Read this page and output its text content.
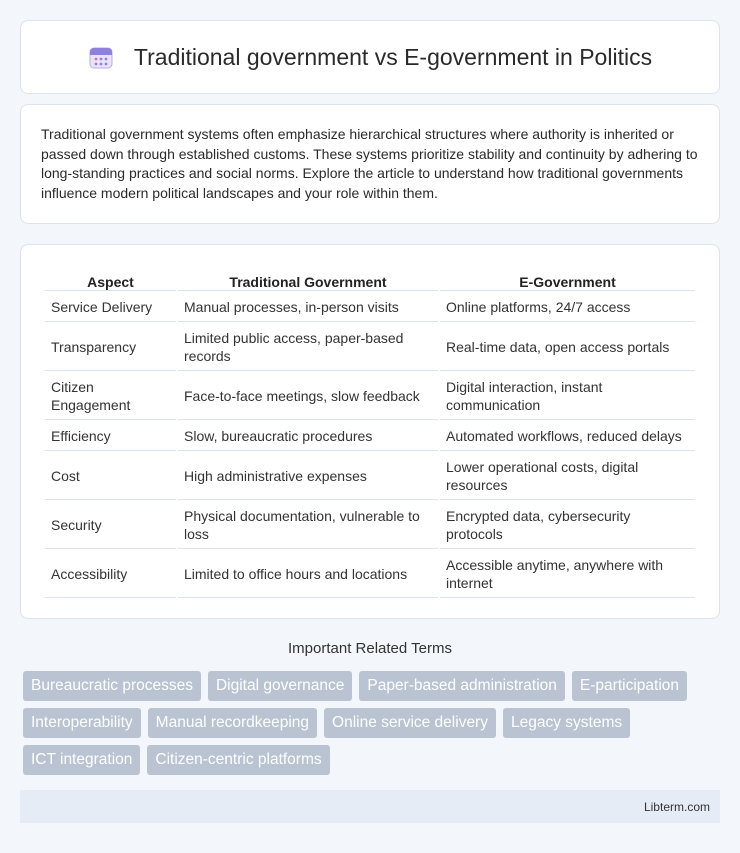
Traditional government vs E-government in Politics

Traditional government systems often emphasize hierarchical structures where authority is inherited or passed down through established customs. These systems prioritize stability and continuity by adhering to long-standing practices and social norms. Explore the article to understand how traditional governments influence modern political landscapes and your role within them.

Aspect	Traditional Government	E-Government
Service Delivery	Manual processes, in-person visits	Online platforms, 24/7 access
Transparency	Limited public access, paper-based records	Real-time data, open access portals
Citizen Engagement	Face-to-face meetings, slow feedback	Digital interaction, instant communication
Efficiency	Slow, bureaucratic procedures	Automated workflows, reduced delays
Cost	High administrative expenses	Lower operational costs, digital resources
Security	Physical documentation, vulnerable to loss	Encrypted data, cybersecurity protocols
Accessibility	Limited to office hours and locations	Accessible anytime, anywhere with internet
Important Related Terms
Bureaucratic processes	Digital governance	Paper-based administration	E-participation
Interoperability	Manual recordkeeping	Online service delivery	Legacy systems
ICT integration	Citizen-centric platforms
Libterm.com
